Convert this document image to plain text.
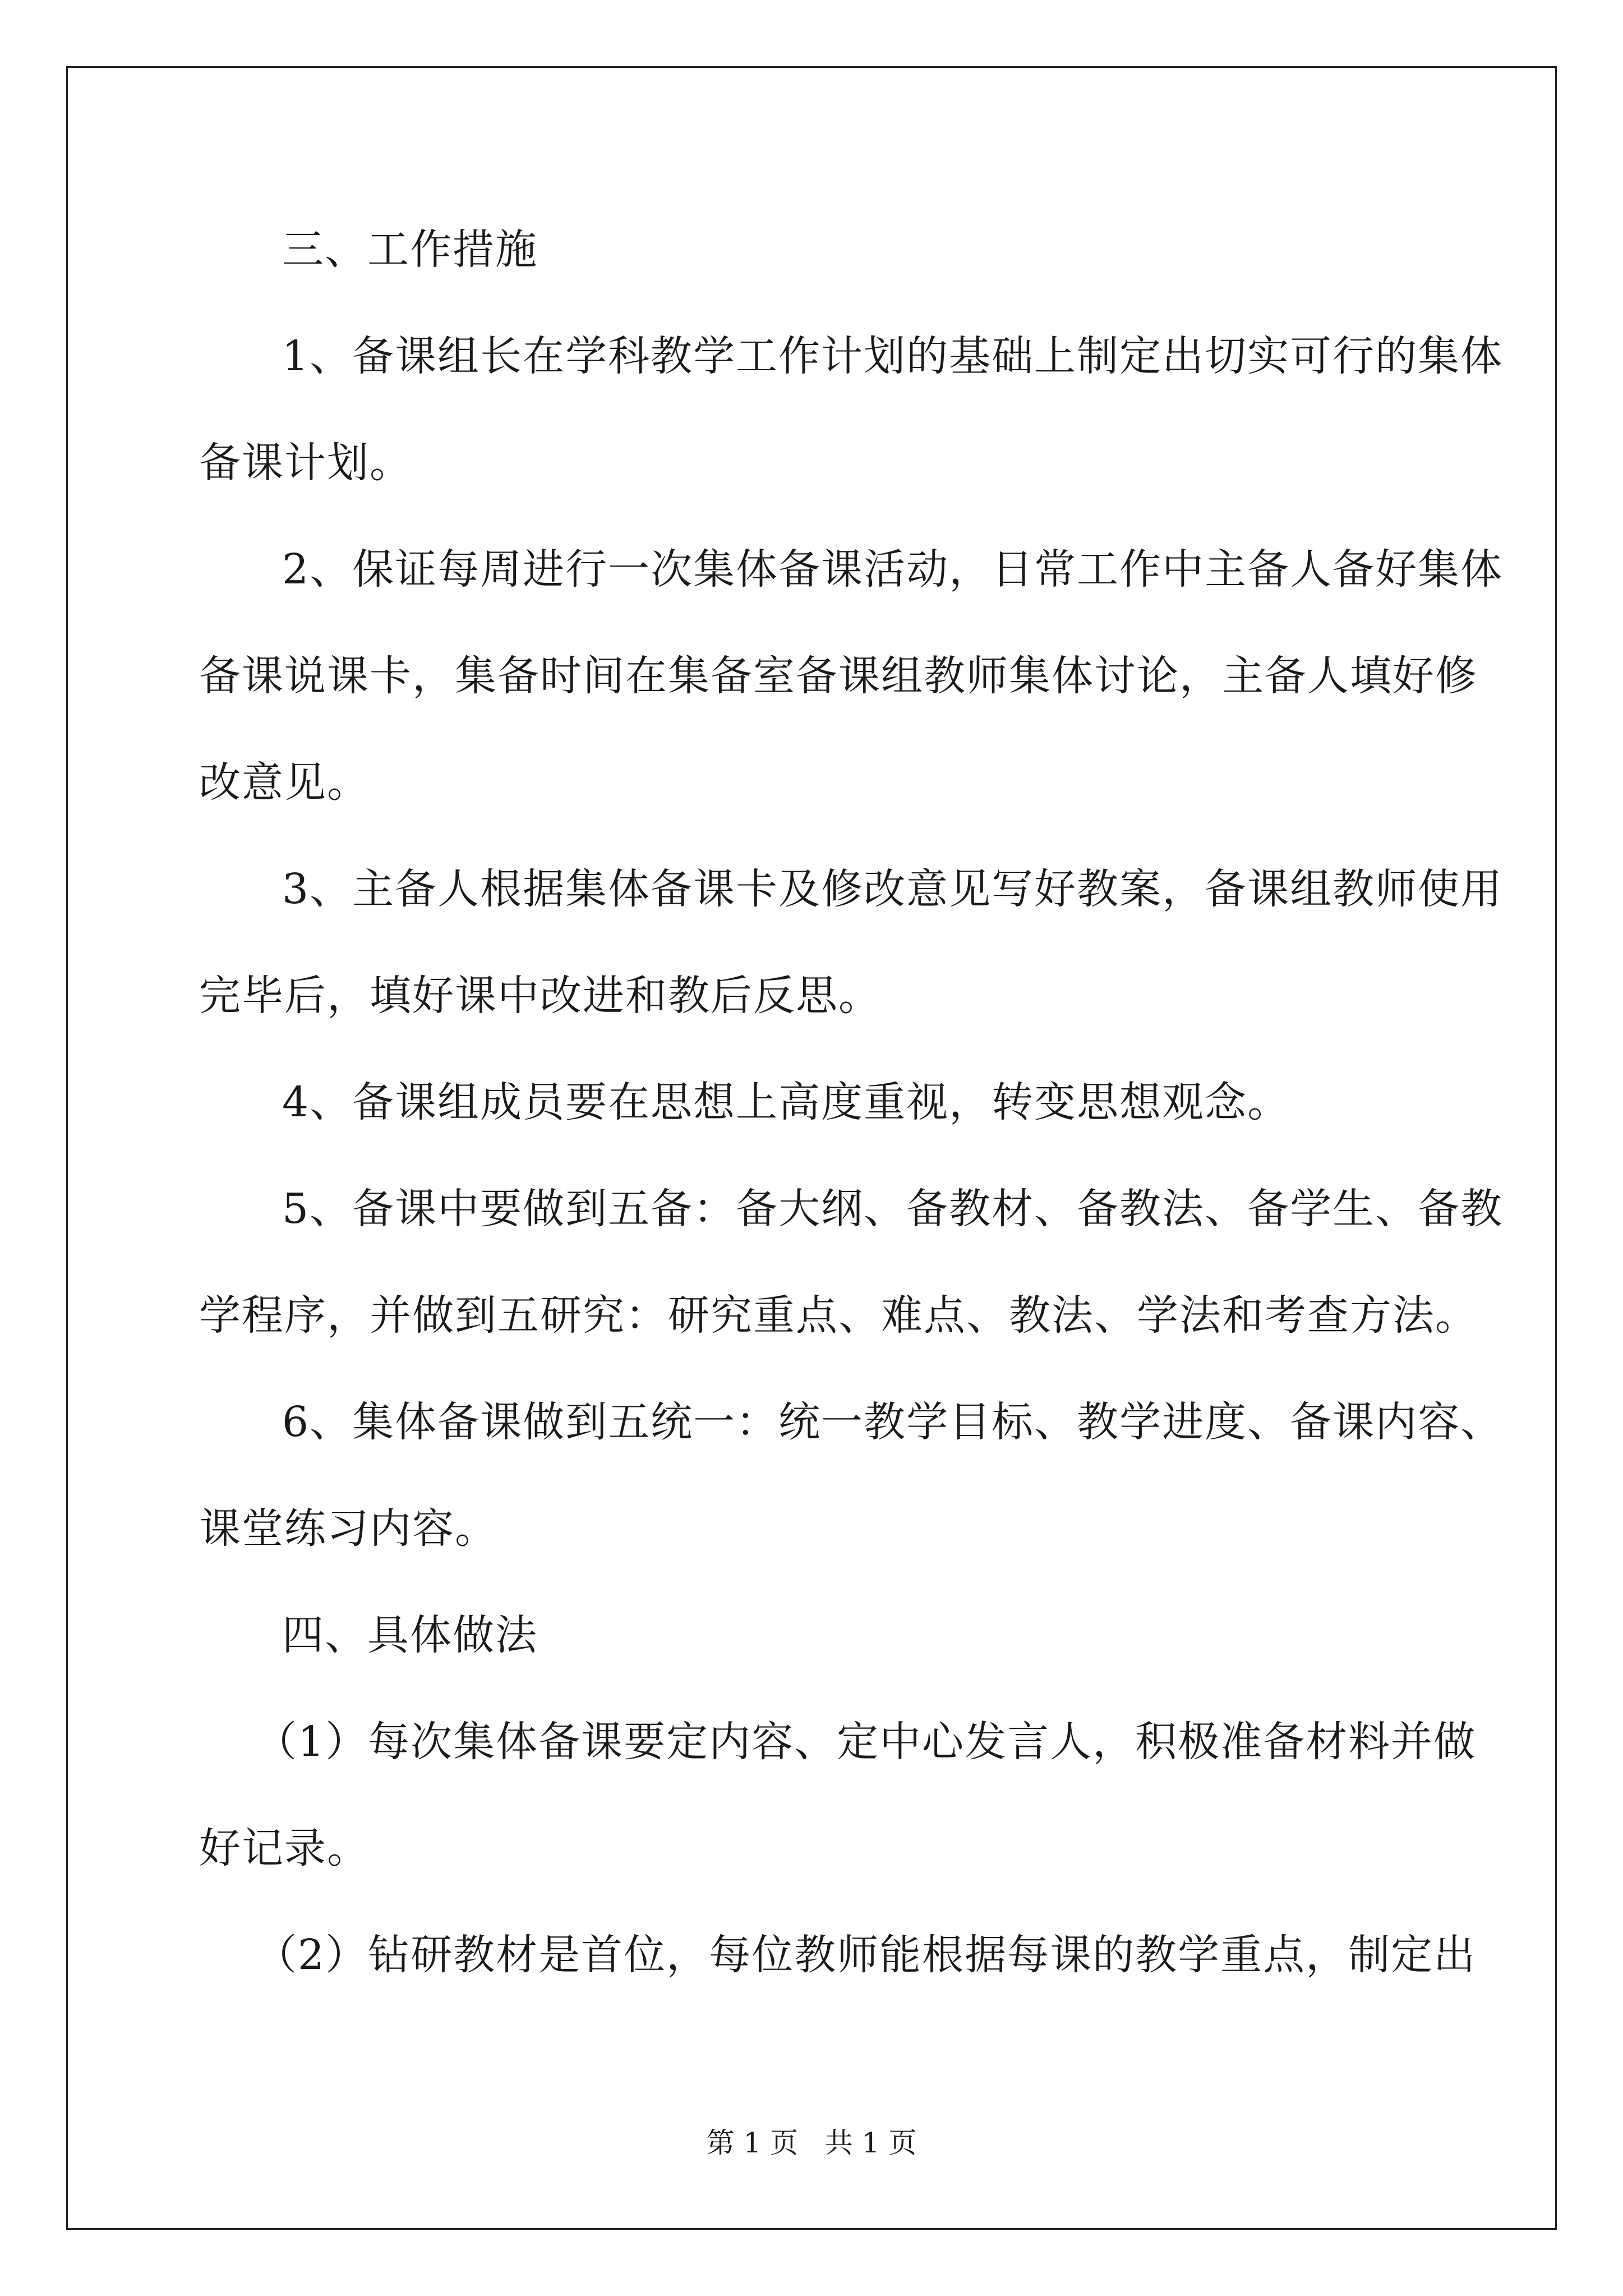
三、工作措施
1、备课组长在学科教学工作计划的基础上制定出切实可行的集体
备课计划。
2、保证每周进行一次集体备课活动，日常工作中主备人备好集体
备课说课卡，集备时间在集备室备课组教师集体讨论，主备人填好修
改意见。
3、主备人根据集体备课卡及修改意见写好教案，备课组教师使用
完毕后，填好课中改进和教后反思。
4、备课组成员要在思想上高度重视，转变思想观念。
5、备课中要做到五备：备大纲、备教材、备教法、备学生、备教
学程序，并做到五研究：研究重点、难点、教法、学法和考查方法。
6、集体备课做到五统一：统一教学目标、教学进度、备课内容、
课堂练习内容。
四、具体做法
（1）每次集体备课要定内容、定中心发言人，积极准备材料并做
好记录。
（2）钻研教材是首位，每位教师能根据每课的教学重点，制定出
第 1 页   共 1 页
